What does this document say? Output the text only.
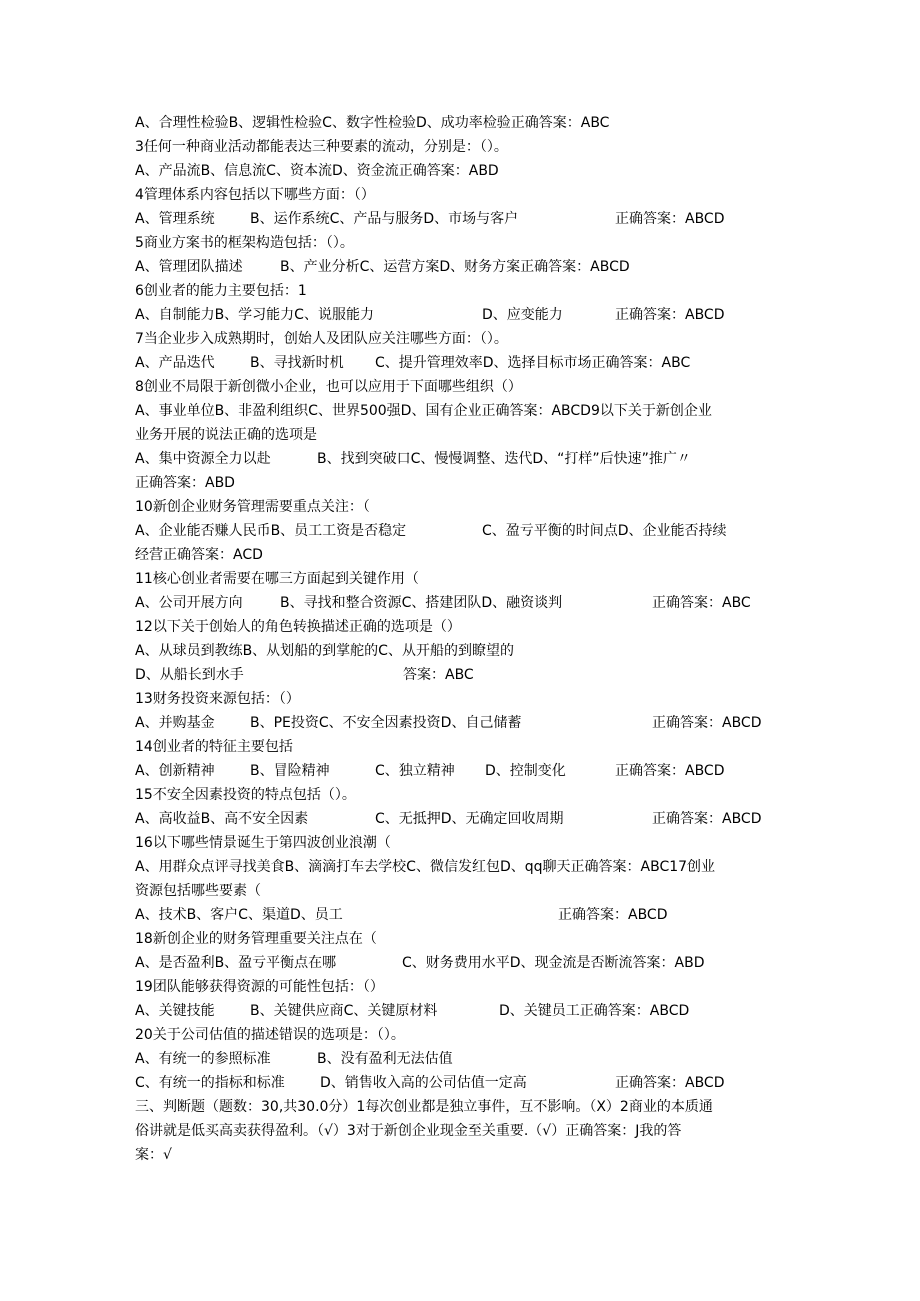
A、合理性检验B、逻辑性检验C、数字性检验D、成功率检验正确答案：ABC
3任何一种商业活动都能表达三种要素的流动，分别是：（）。
A、产品流B、信息流C、资本流D、资金流正确答案：ABD
4管理体系内容包括以下哪些方面：（）
A、管理系统	B、运作系统C、产品与服务D、市场与客户	正确答案：ABCD
5商业方案书的框架构造包括：（）。
A、管理团队描述	B、产业分析C、运营方案D、财务方案正确答案：ABCD
6创业者的能力主要包括：1
A、自制能力B、学习能力C、说服能力	D、应变能力	正确答案：ABCD
7当企业步入成熟期时，创始人及团队应关注哪些方面：（）。
A、产品迭代	B、寻找新时机 C、提升管理效率D、选择目标市场正确答案：ABC
8创业不局限于新创微小企业，也可以应用于下面哪些组织（）
A、事业单位B、非盈利组织C、世界500强D、国有企业正确答案：ABCD9以下关于新创企业
业务开展的说法正确的选项是
A、集中资源全力以赴	B、找到突破口C、慢慢调整、迭代D、“打样”后快速”推广〃
正确答案：ABD
10新创企业财务管理需要重点关注：（
A、企业能否赚人民币B、员工工资是否稳定	C、盈亏平衡的时间点D、企业能否持续
经营正确答案：ACD
11核心创业者需要在哪三方面起到关键作用（
A、公司开展方向	B、寻找和整合资源C、搭建团队D、融资谈判	正确答案：ABC
12以下关于创始人的角色转换描述正确的选项是（）
A、从球员到教练B、从划船的到掌舵的C、从开船的到瞭望的
D、从船长到水手	答案：ABC
13财务投资来源包括：（）
A、并购基金	B、PE投资C、不安全因素投资D、自己储蓄	正确答案：ABCD
14创业者的特征主要包括
A、创新精神	B、冒险精神	C、独立精神 D、控制变化	正确答案：ABCD
15不安全因素投资的特点包括（）。
A、高收益B、高不安全因素	C、无抵押D、无确定回收周期	正确答案：ABCD
16以下哪些情景诞生于第四波创业浪潮（
A、用群众点评寻找美食B、滴滴打车去学校C、微信发红包D、qq聊天正确答案：ABC17创业
资源包括哪些要素（
A、技术B、客户C、渠道D、员工	正确答案：ABCD
18新创企业的财务管理重要关注点在（
A、是否盈利B、盈亏平衡点在哪	C、财务费用水平D、现金流是否断流答案：ABD
19团队能够获得资源的可能性包括：（）
A、关键技能	B、关键供应商C、关键原材料	D、关键员工正确答案：ABCD
20关于公司估值的描述错误的选项是：（）。
A、有统一的参照标准	B、没有盈利无法估值
C、有统一的指标和标准	D、销售收入高的公司估值一定高	正确答案：ABCD
三、判断题（题数：30,共30.0分）1每次创业都是独立事件，互不影响。（X）2商业的本质通
俗讲就是低买高卖获得盈利。（√）3对于新创企业现金至关重要.（√）正确答案：J我的答
案：√
